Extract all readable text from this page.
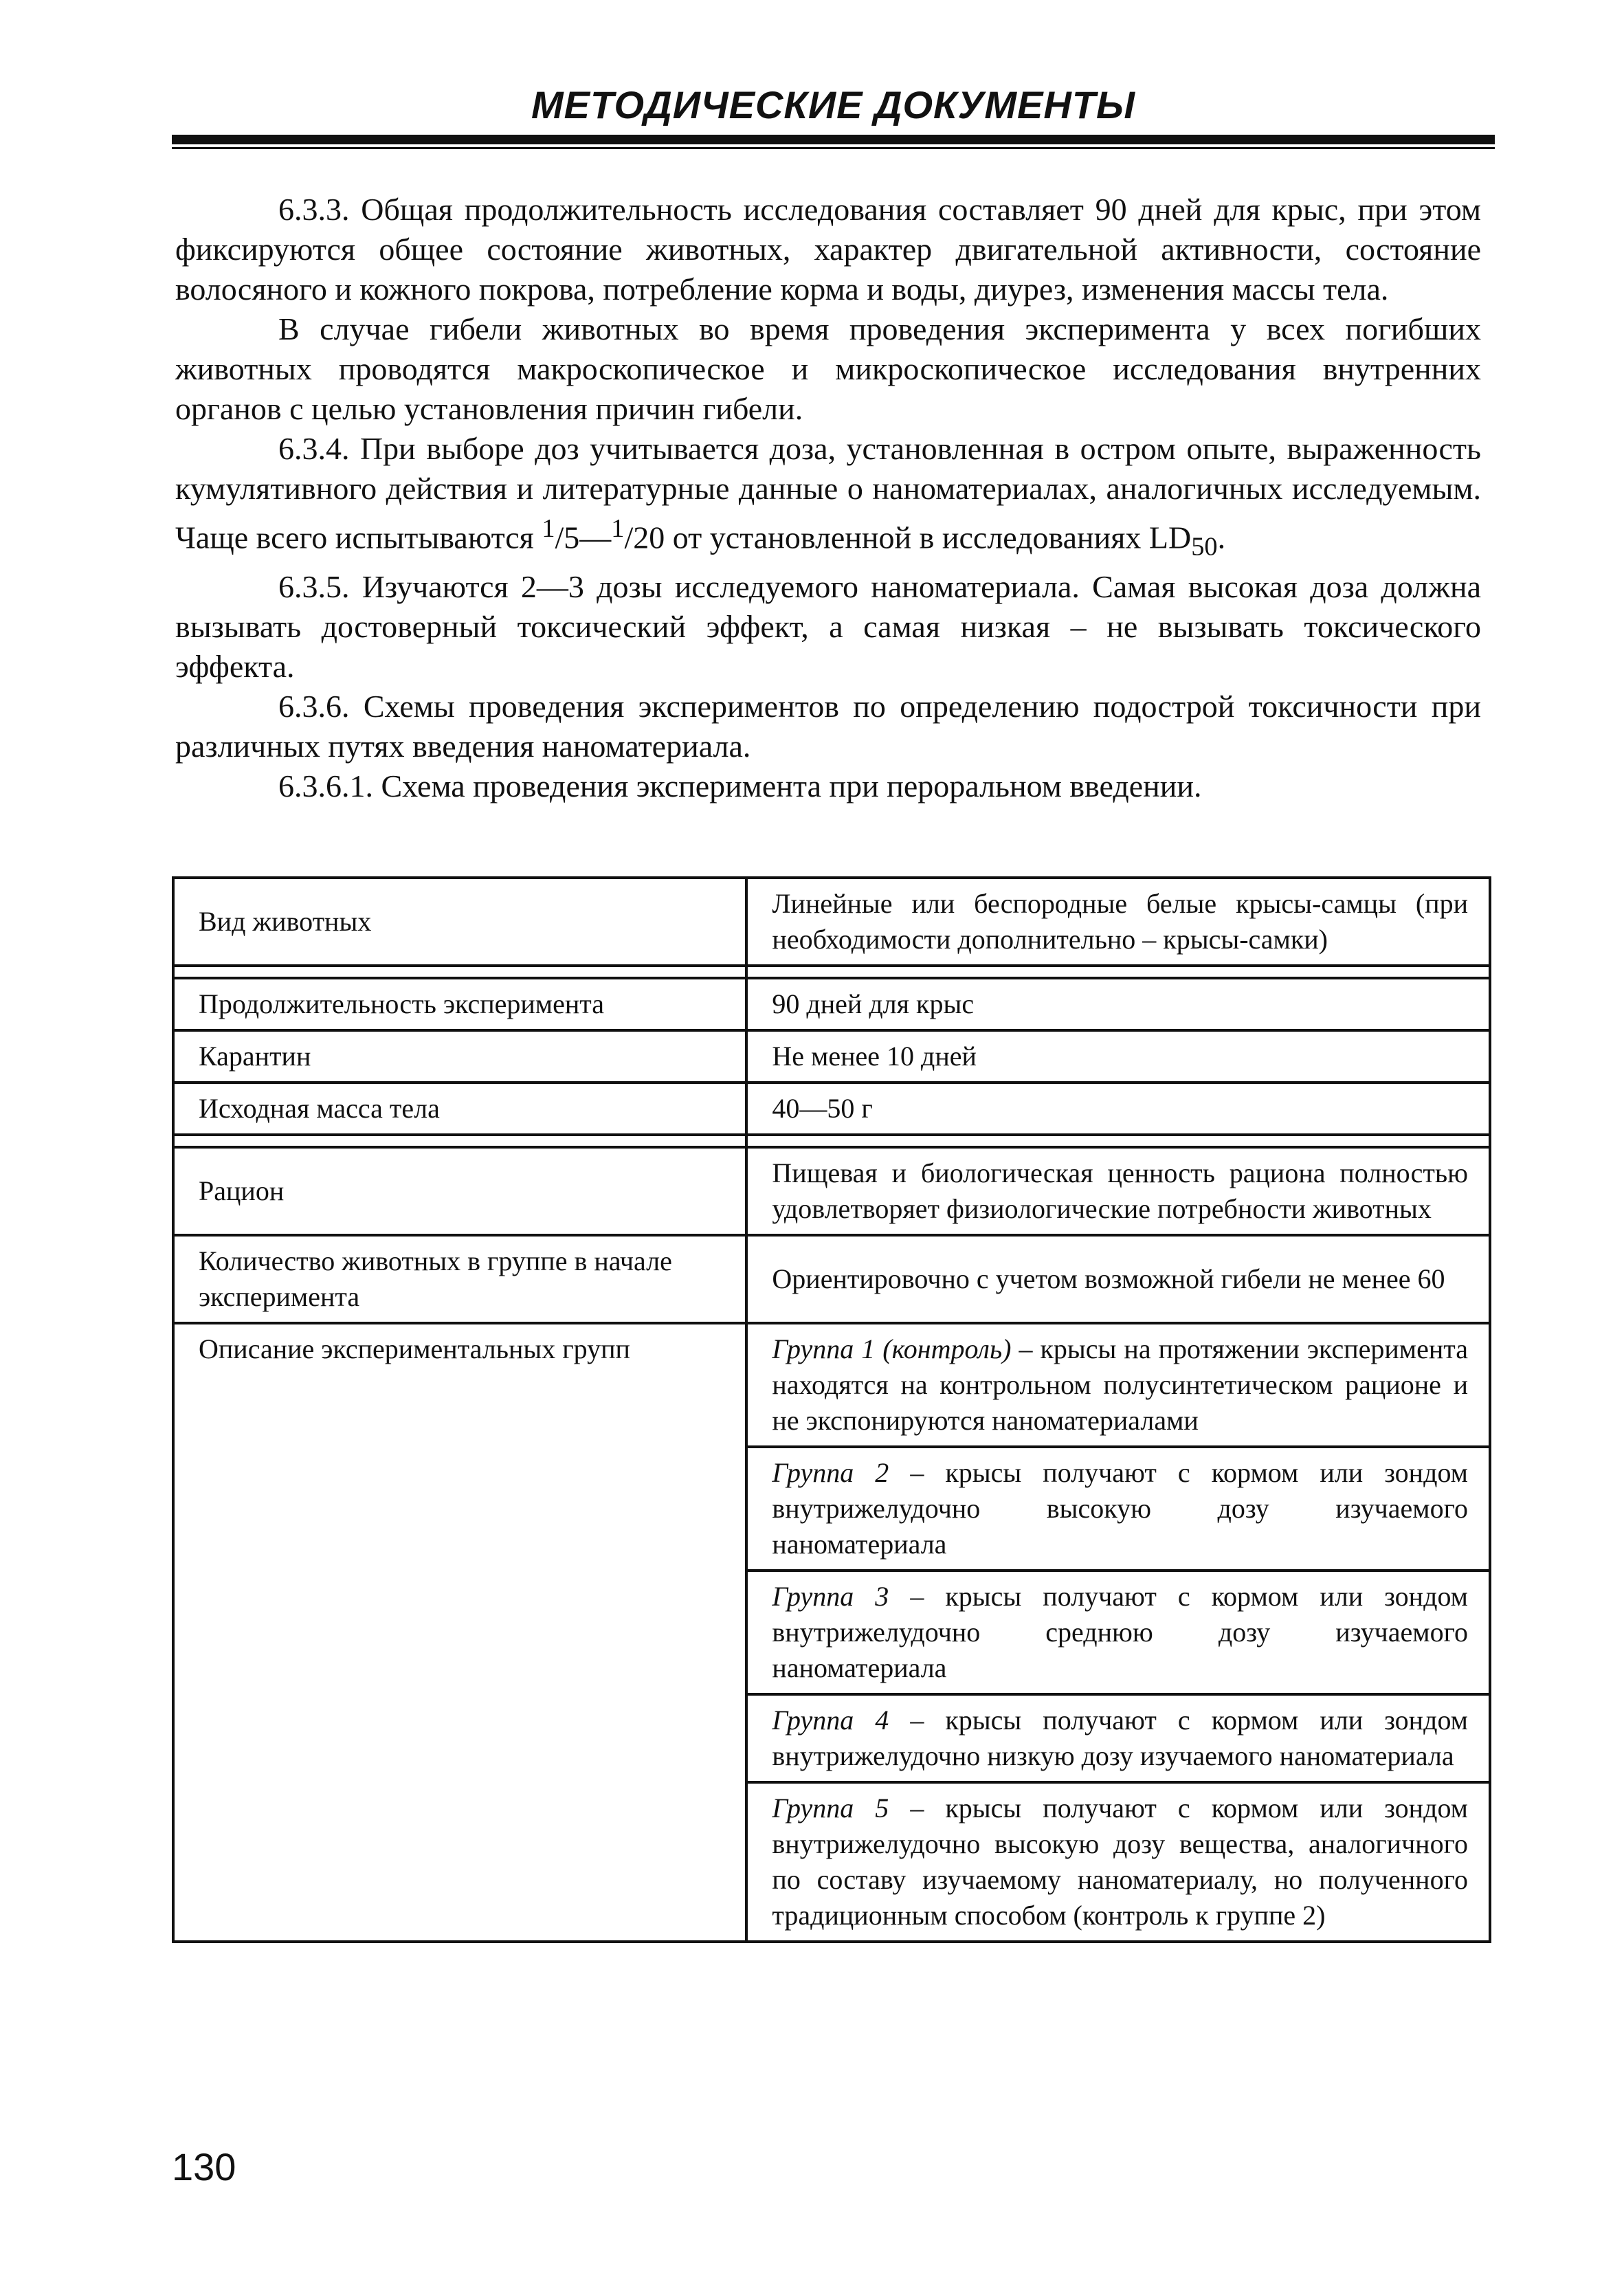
МЕТОДИЧЕСКИЕ ДОКУМЕНТЫ

6.3.3. Общая продолжительность исследования составляет 90 дней для крыс, при этом фиксируются общее состояние животных, характер двигательной активности, состояние волосяного и кожного покрова, потребление корма и воды, диурез, изменения массы тела.

В случае гибели животных во время проведения эксперимента у всех погибших животных проводятся макроскопическое и микроскопическое исследования внутренних органов с целью установления причин гибели.

6.3.4. При выборе доз учитывается доза, установленная в остром опыте, выраженность кумулятивного действия и литературные данные о наноматериалах, аналогичных исследуемым. Чаще всего испытываются $^1$/5—$^1$/20 от установленной в исследованиях $LD_{50}$.

6.3.5. Изучаются 2—3 дозы исследуемого наноматериала. Самая высокая доза должна вызывать достоверный токсический эффект, а самая низкая – не вызывать токсического эффекта.

6.3.6. Схемы проведения экспериментов по определению подострой токсичности при различных путях введения наноматериала.

6.3.6.1. Схема проведения эксперимента при пероральном введении.

Вид животных	Линейные или беспородные белые крысы-самцы (при необходимости дополнительно – крысы-самки)

Продолжительность эксперимента	90 дней для крыс
Карантин	Не менее 10 дней
Исходная масса тела	40—50 г

Рацион	Пищевая и биологическая ценность рациона полностью удовлетворяет физиологические потребности животных
Количество животных в группе в начале эксперимента	Ориентировочно с учетом возможной гибели не менее 60
Описание экспериментальных групп	Группа 1 (контроль) – крысы на протяжении эксперимента находятся на контрольном полусинтетическом рационе и не экспонируются наноматериалами
	Группа 2 – крысы получают с кормом или зондом внутрижелудочно высокую дозу изучаемого наноматериала
	Группа 3 – крысы получают с кормом или зондом внутрижелудочно среднюю дозу изучаемого наноматериала
	Группа 4 – крысы получают с кормом или зондом внутрижелудочно низкую дозу изучаемого наноматериала
	Группа 5 – крысы получают с кормом или зондом внутрижелудочно высокую дозу вещества, аналогичного по составу изучаемому наноматериалу, но полученного традиционным способом (контроль к группе 2)
130
